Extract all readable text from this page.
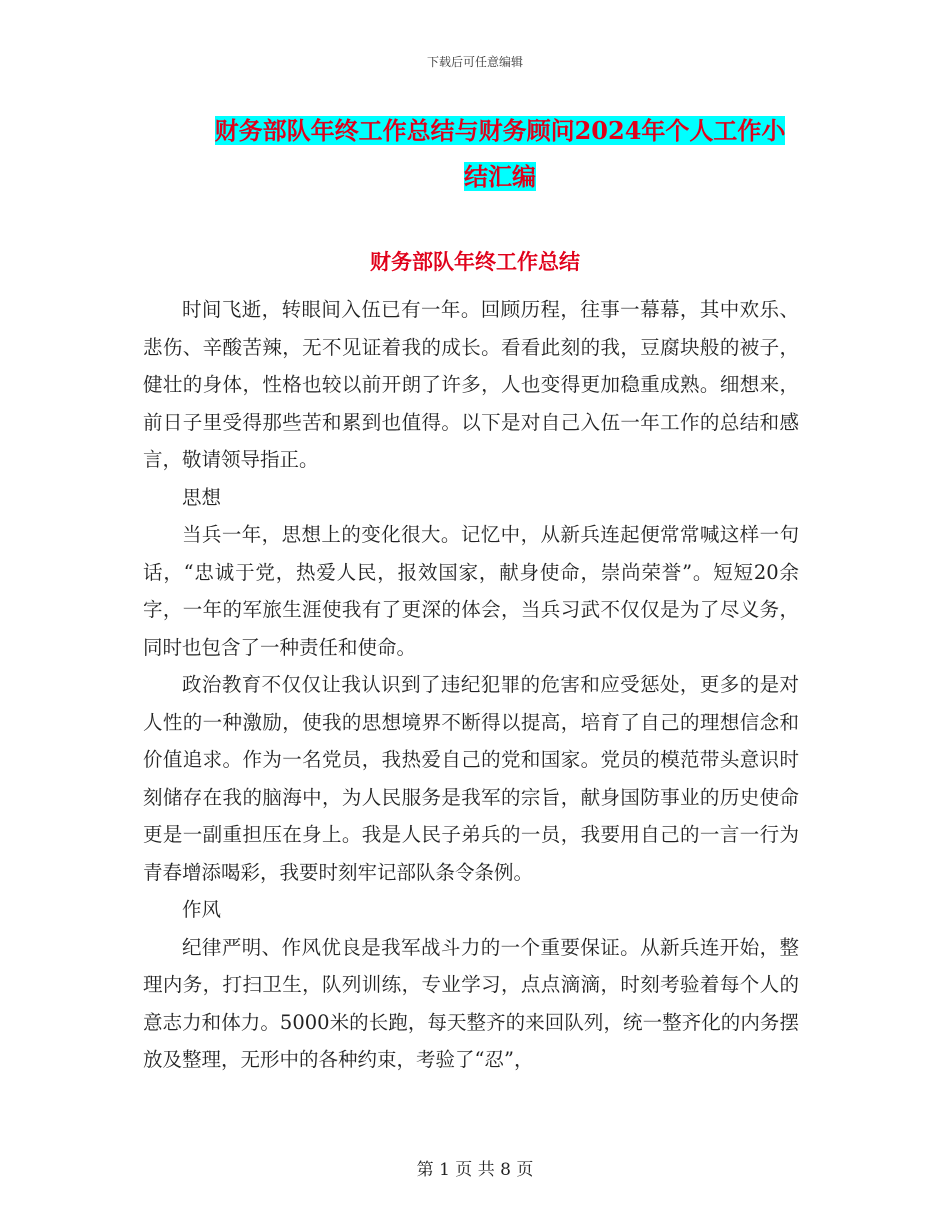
下载后可任意编辑
财务部队年终工作总结与财务顾问2024年个人工作小
结汇编
财务部队年终工作总结

时间飞逝，转眼间入伍已有一年。回顾历程，往事一幕幕，其中欢乐、悲伤、辛酸苦辣，无不见证着我的成长。看看此刻的我，豆腐块般的被子，健壮的身体，性格也较以前开朗了许多，人也变得更加稳重成熟。细想来，前日子里受得那些苦和累到也值得。以下是对自己入伍一年工作的总结和感言，敬请领导指正。

思想

当兵一年，思想上的变化很大。记忆中，从新兵连起便常常喊这样一句话，“忠诚于党，热爱人民，报效国家，献身使命，崇尚荣誉”。短短20余字，一年的军旅生涯使我有了更深的体会，当兵习武不仅仅是为了尽义务，同时也包含了一种责任和使命。

政治教育不仅仅让我认识到了违纪犯罪的危害和应受惩处，更多的是对人性的一种激励，使我的思想境界不断得以提高，培育了自己的理想信念和价值追求。作为一名党员，我热爱自己的党和国家。党员的模范带头意识时刻储存在我的脑海中，为人民服务是我军的宗旨，献身国防事业的历史使命更是一副重担压在身上。我是人民子弟兵的一员，我要用自己的一言一行为青春增添喝彩，我要时刻牢记部队条令条例。

作风

纪律严明、作风优良是我军战斗力的一个重要保证。从新兵连开始，整理内务，打扫卫生，队列训练，专业学习，点点滴滴，时刻考验着每个人的意志力和体力。5000米的长跑，每天整齐的来回队列，统一整齐化的内务摆放及整理，无形中的各种约束，考验了“忍”，

第 1 页 共 8 页
